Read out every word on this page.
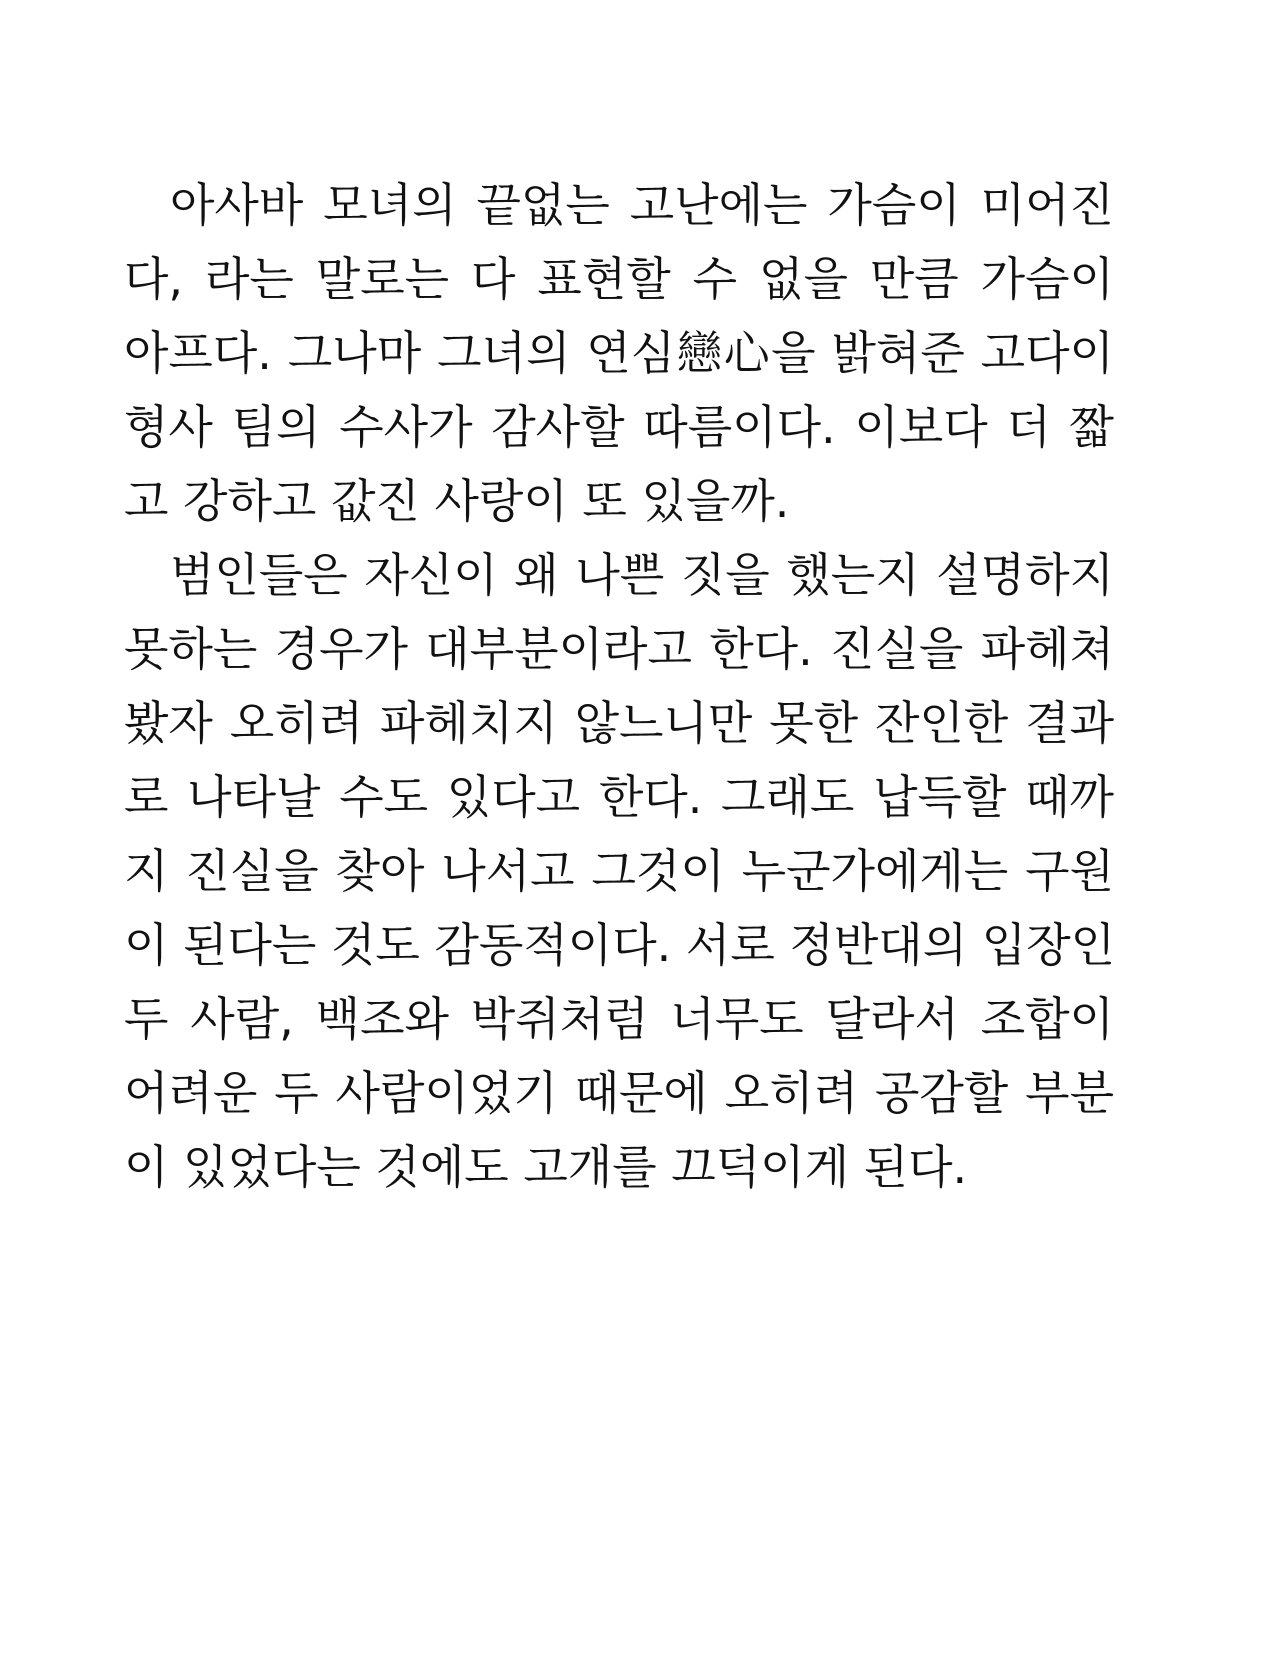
아사바 모녀의 끝없는 고난에는 가슴이 미어진
다, 라는 말로는 다 표현할 수 없을 만큼 가슴이
아프다. 그나마 그녀의 연심戀心을 밝혀준 고다이
형사 팀의 수사가 감사할 따름이다. 이보다 더 짧
고 강하고 값진 사랑이 또 있을까.
범인들은 자신이 왜 나쁜 짓을 했는지 설명하지
못하는 경우가 대부분이라고 한다. 진실을 파헤쳐
봤자 오히려 파헤치지 않느니만 못한 잔인한 결과
로 나타날 수도 있다고 한다. 그래도 납득할 때까
지 진실을 찾아 나서고 그것이 누군가에게는 구원
이 된다는 것도 감동적이다. 서로 정반대의 입장인
두 사람, 백조와 박쥐처럼 너무도 달라서 조합이
어려운 두 사람이었기 때문에 오히려 공감할 부분
이 있었다는 것에도 고개를 끄덕이게 된다.
